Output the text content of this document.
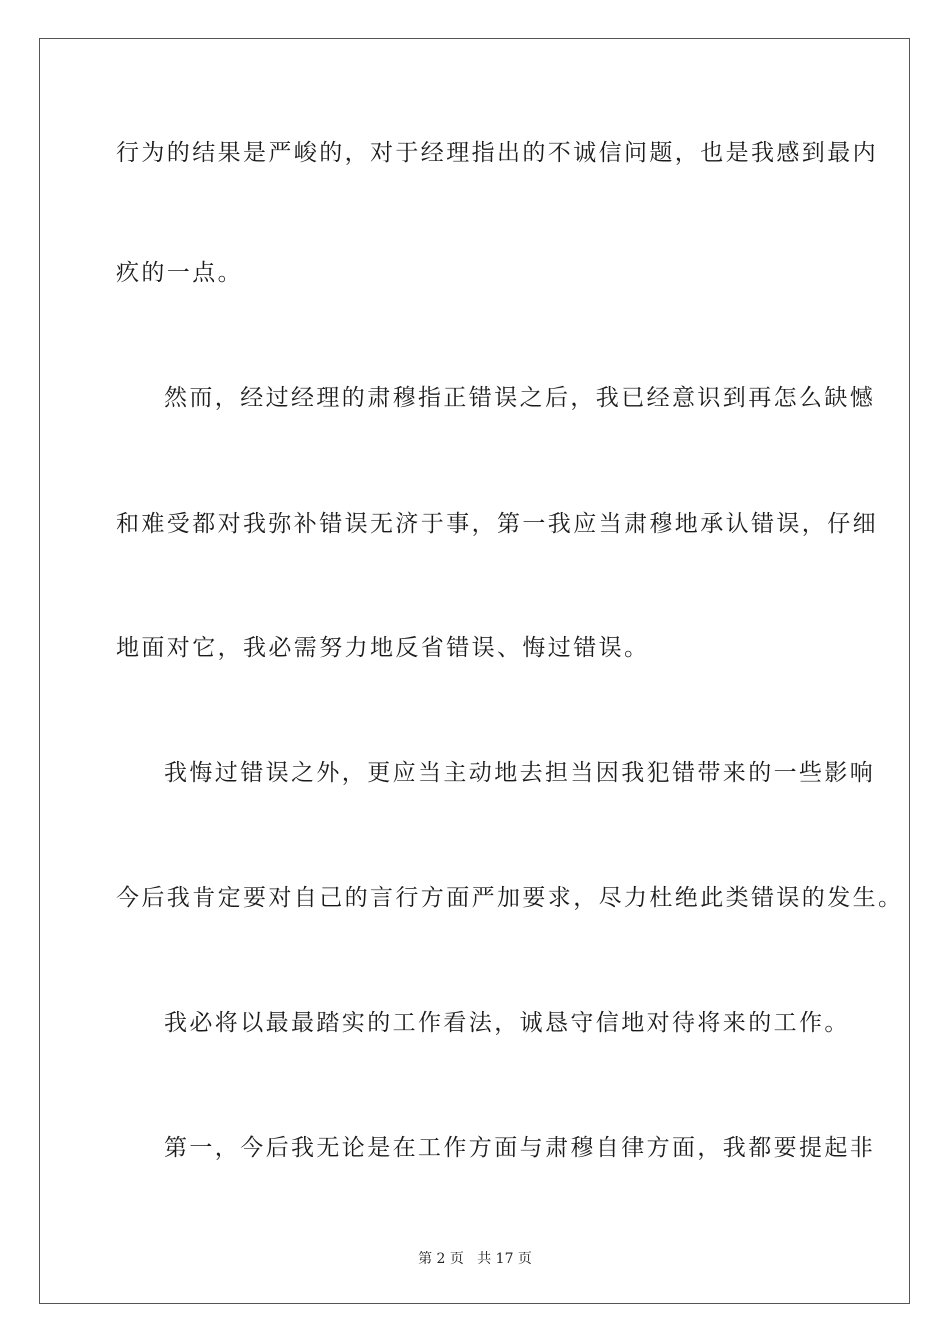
行为的结果是严峻的，对于经理指出的不诚信问题，也是我感到最内
疚的一点。
然而，经过经理的肃穆指正错误之后，我已经意识到再怎么缺憾
和难受都对我弥补错误无济于事，第一我应当肃穆地承认错误，仔细
地面对它，我必需努力地反省错误、悔过错误。
我悔过错误之外，更应当主动地去担当因我犯错带来的一些影响
今后我肯定要对自己的言行方面严加要求，尽力杜绝此类错误的发生。
我必将以最最踏实的工作看法，诚恳守信地对待将来的工作。
第一，今后我无论是在工作方面与肃穆自律方面，我都要提起非
第 2 页   共 17 页
